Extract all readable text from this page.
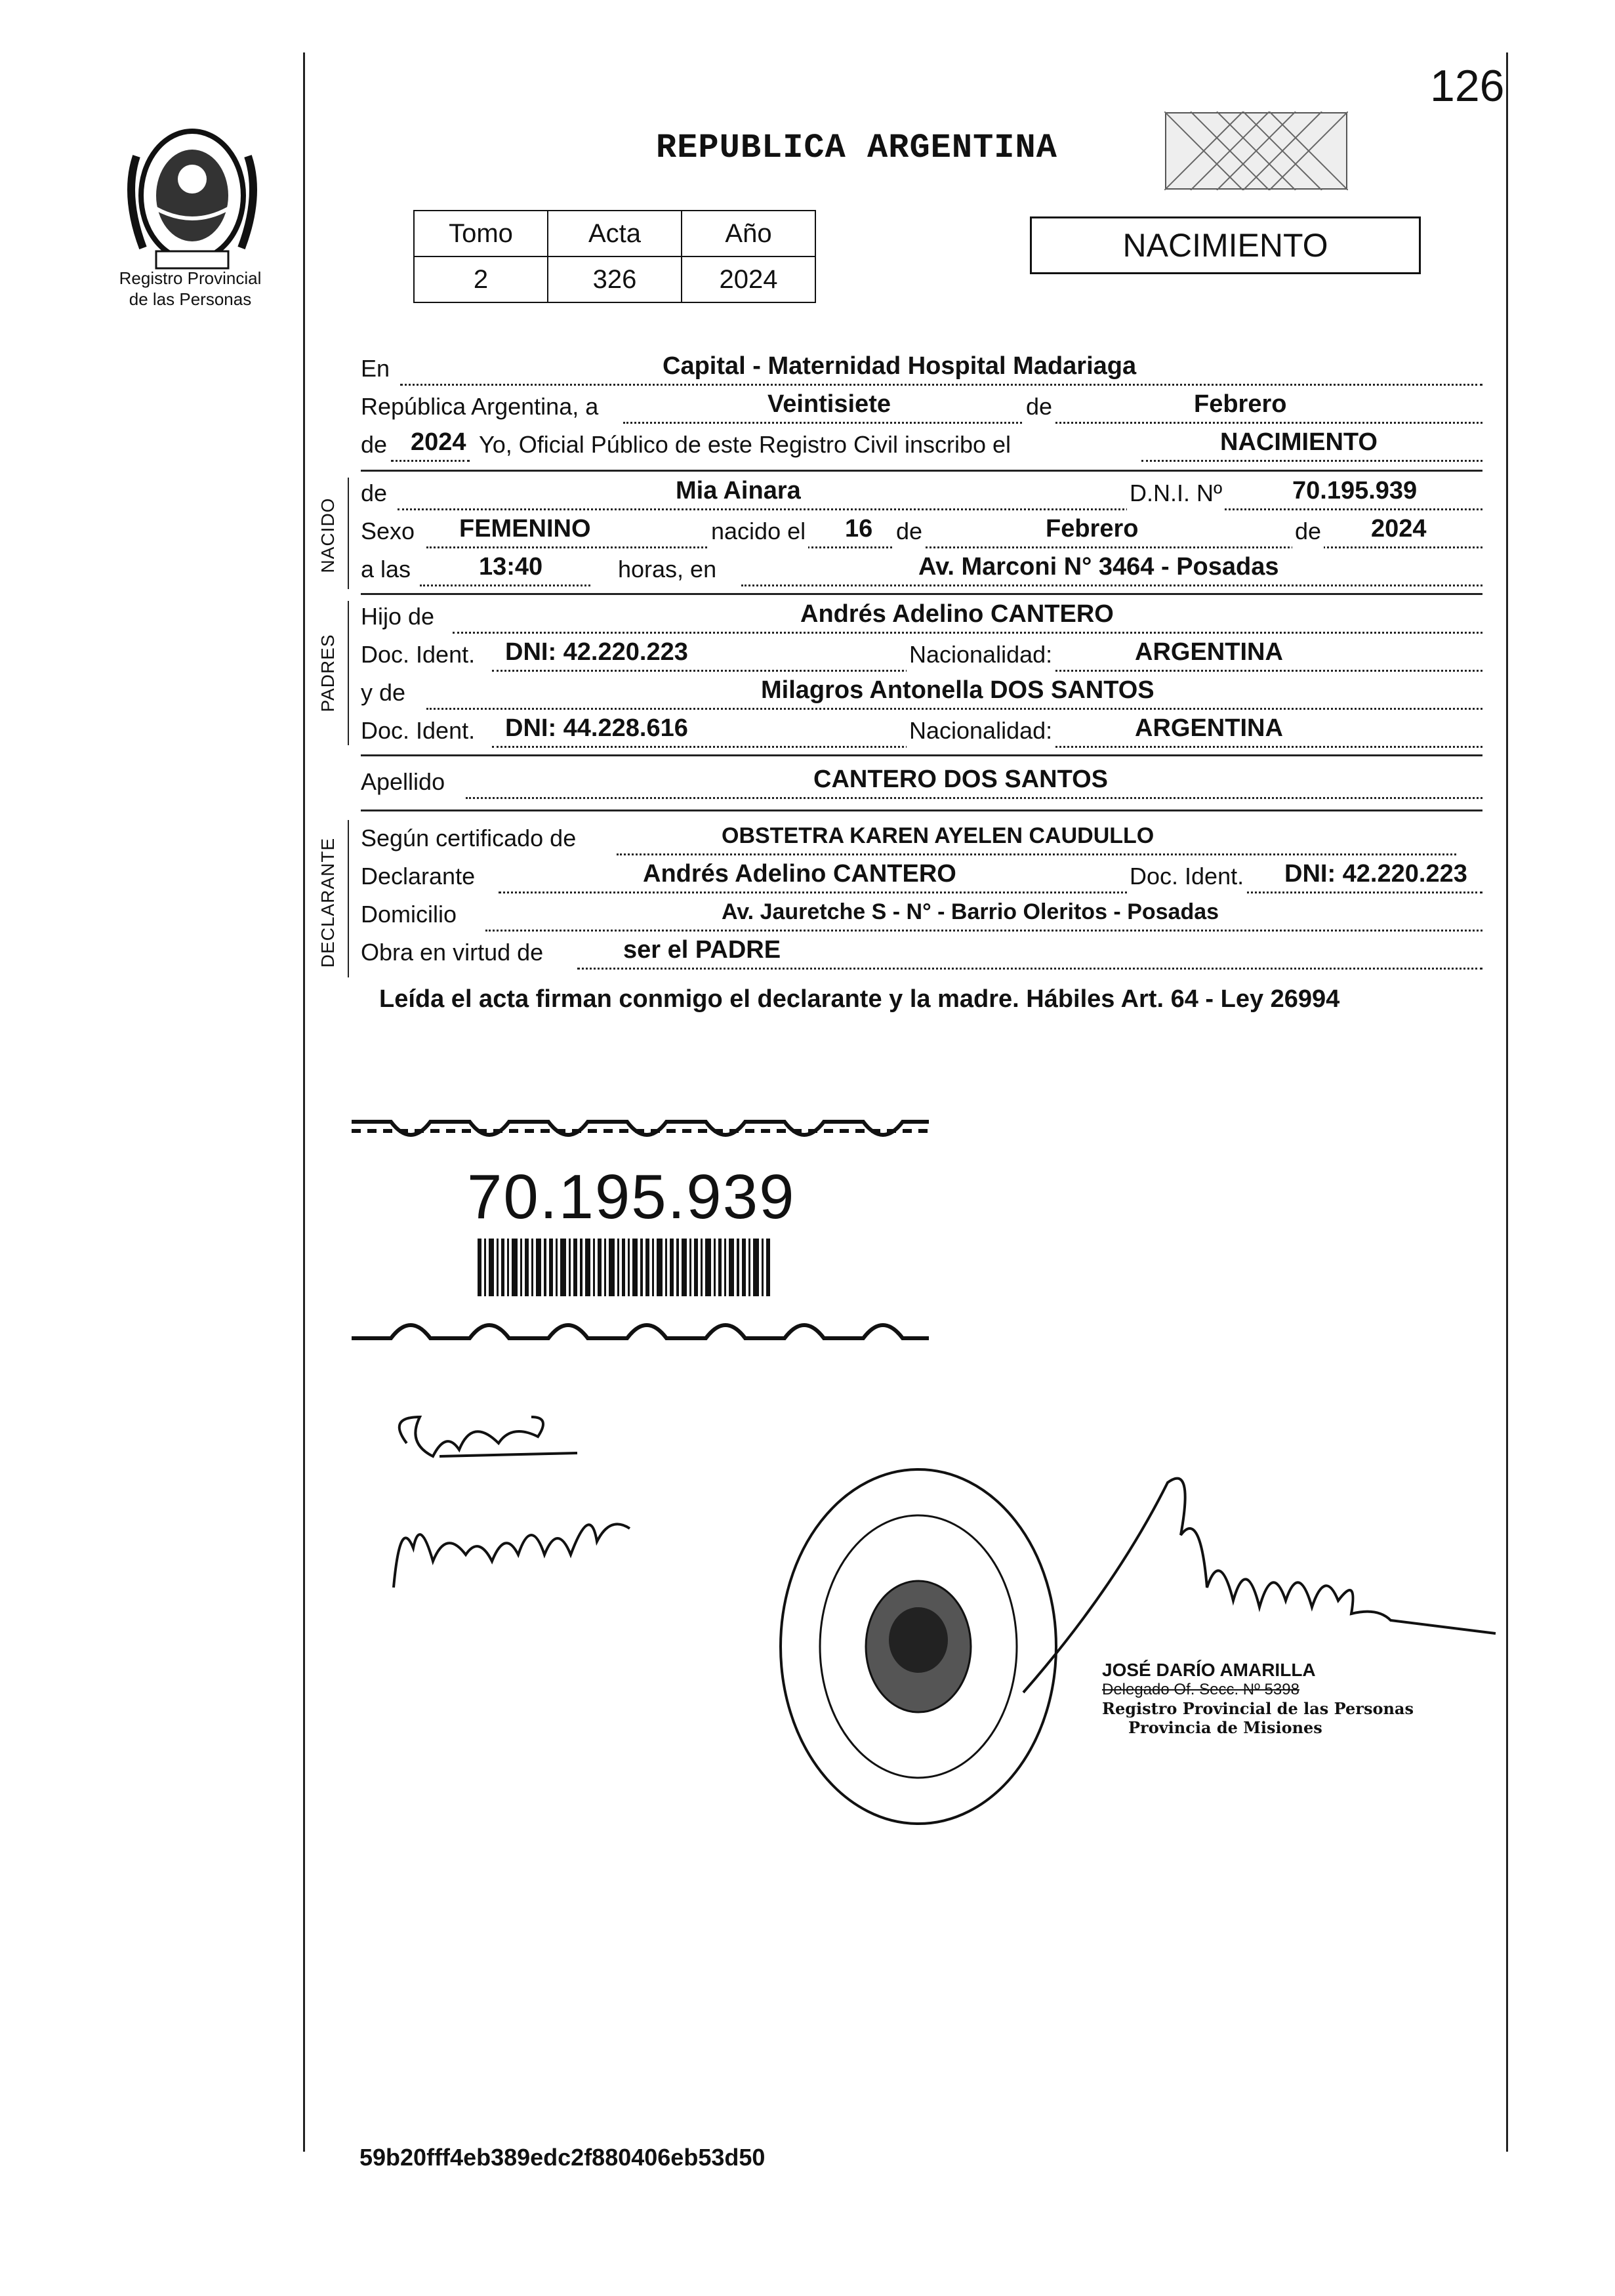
Registro Provincial
de las Personas
REPUBLICA ARGENTINA
126
Tomo	Acta	Año
2	326	2024
NACIMIENTO
En	Capital - Maternidad Hospital Madariaga
República Argentina, a	Veintisiete	de	Febrero
de 2024 Yo, Oficial Público de este Registro Civil inscribo el	NACIMIENTO
NACIDO
de	Mia Ainara	D.N.I. Nº	70.195.939
Sexo FEMENINO	nacido el 16 de	Febrero	de 2024
a las	13:40	horas, en	Av. Marconi N° 3464 - Posadas
PADRES
Hijo de	Andrés Adelino CANTERO
Doc. Ident. DNI: 42.220.223	Nacionalidad:	ARGENTINA
y de	Milagros Antonella DOS SANTOS
Doc. Ident. DNI: 44.228.616	Nacionalidad:	ARGENTINA
Apellido	CANTERO DOS SANTOS
DECLARANTE Según certificado de	OBSTETRA KAREN AYELEN CAUDULLO
Declarante	Andrés Adelino CANTERO	Doc. Ident. DNI: 42.220.223
Domicilio	Av. Jauretche S - N° - Barrio Oleritos - Posadas
Obra en virtud de	ser el PADRE
Leída el acta firman conmigo el declarante y la madre. Hábiles Art. 64 - Ley 26994
70.195.939
JOSÉ DARÍO AMARILLA
Delegado Of. Secc. Nº 5398
Registro Provincial de las Personas
Provincia de Misiones
59b20fff4eb389edc2f880406eb53d50
